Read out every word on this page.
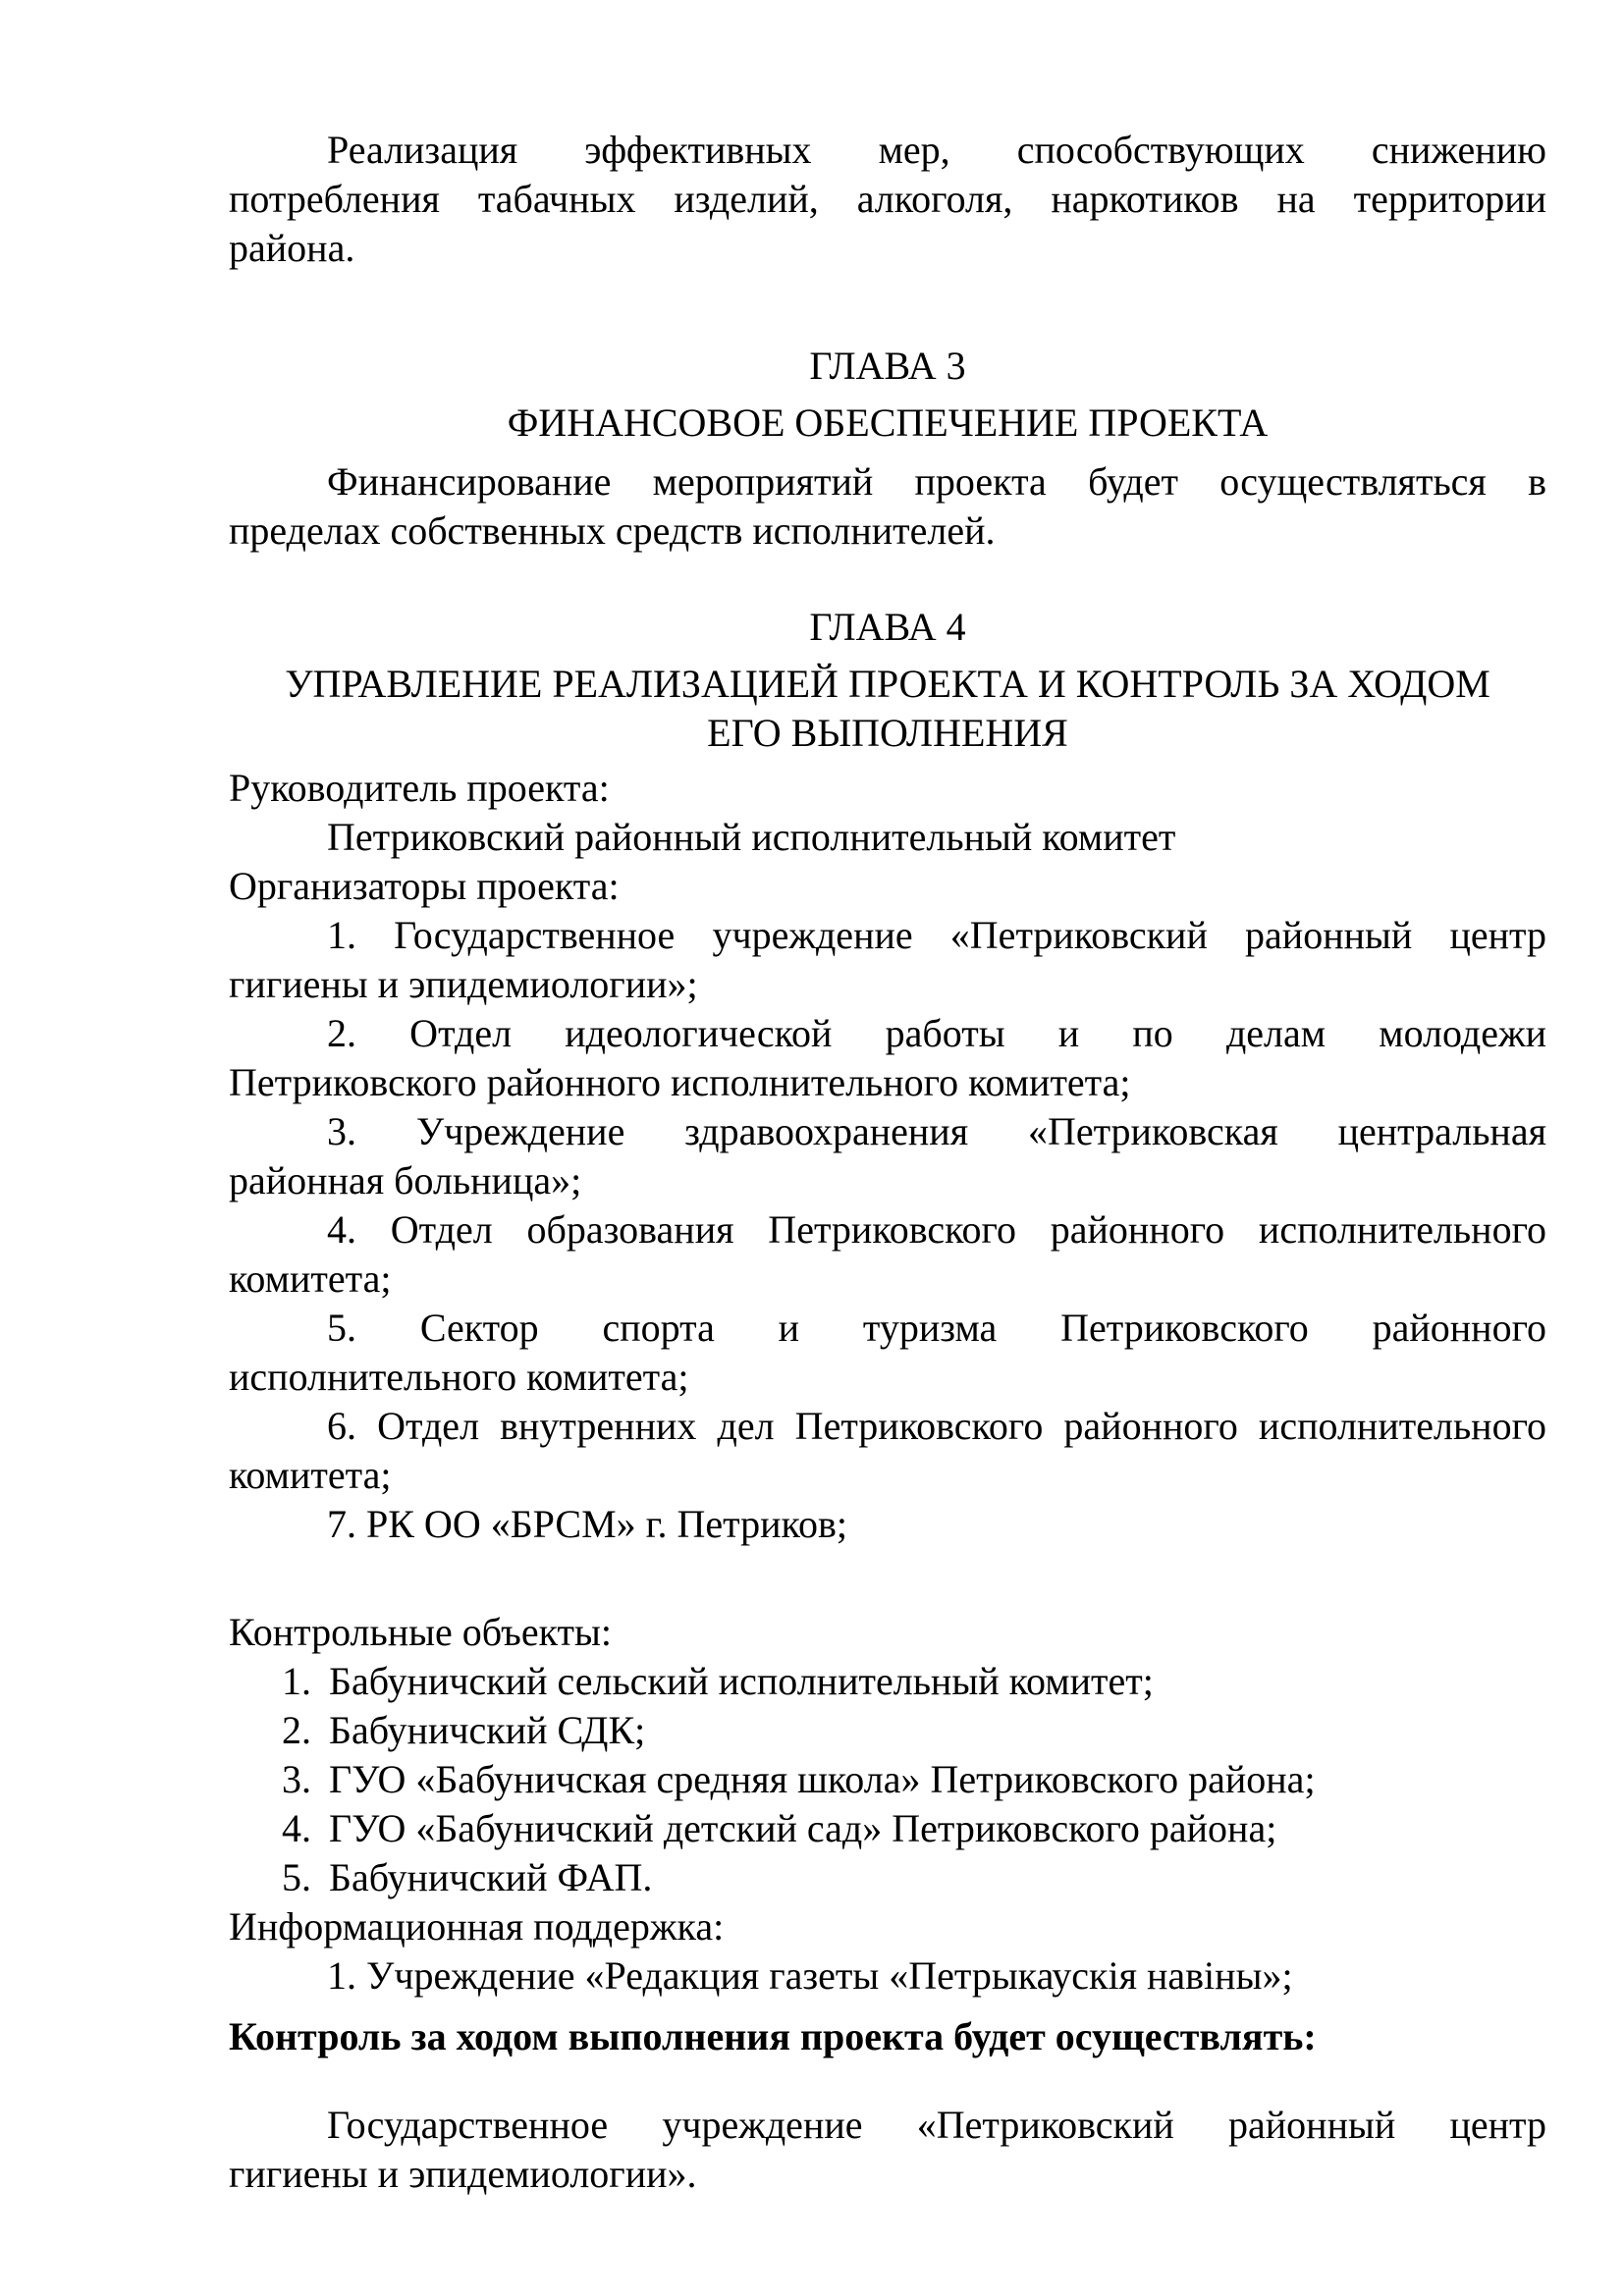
Реализация эффективных мер, способствующих снижению
потребления табачных изделий, алкоголя, наркотиков на территории
района.
ГЛАВА 3
ФИНАНСОВОЕ ОБЕСПЕЧЕНИЕ ПРОЕКТА
Финансирование мероприятий проекта будет осуществляться в
пределах собственных средств исполнителей.
ГЛАВА 4
УПРАВЛЕНИЕ РЕАЛИЗАЦИЕЙ ПРОЕКТА И КОНТРОЛЬ ЗА ХОДОМ
ЕГО ВЫПОЛНЕНИЯ
Руководитель проекта:
Петриковский районный исполнительный комитет
Организаторы проекта:
1. Государственное учреждение «Петриковский районный центр
гигиены и эпидемиологии»;
2. Отдел идеологической работы и по делам молодежи
Петриковского районного исполнительного комитета;
3. Учреждение здравоохранения «Петриковская центральная
районная больница»;
4. Отдел образования Петриковского районного исполнительного
комитета;
5. Сектор спорта и туризма Петриковского районного
исполнительного комитета;
6. Отдел внутренних дел Петриковского районного исполнительного
комитета;
7. РК ОО «БРСМ» г. Петриков;
Контрольные объекты:
1. Бабуничский сельский исполнительный комитет;
2. Бабуничский СДК;
3. ГУО «Бабуничская средняя школа» Петриковского района;
4. ГУО «Бабуничский детский сад» Петриковского района;
5. Бабуничский ФАП.
Информационная поддержка:
1. Учреждение «Редакция газеты «Петрыкаускія навіны»;
Контроль за ходом выполнения проекта будет осуществлять:
Государственное учреждение «Петриковский районный центр
гигиены и эпидемиологии».
